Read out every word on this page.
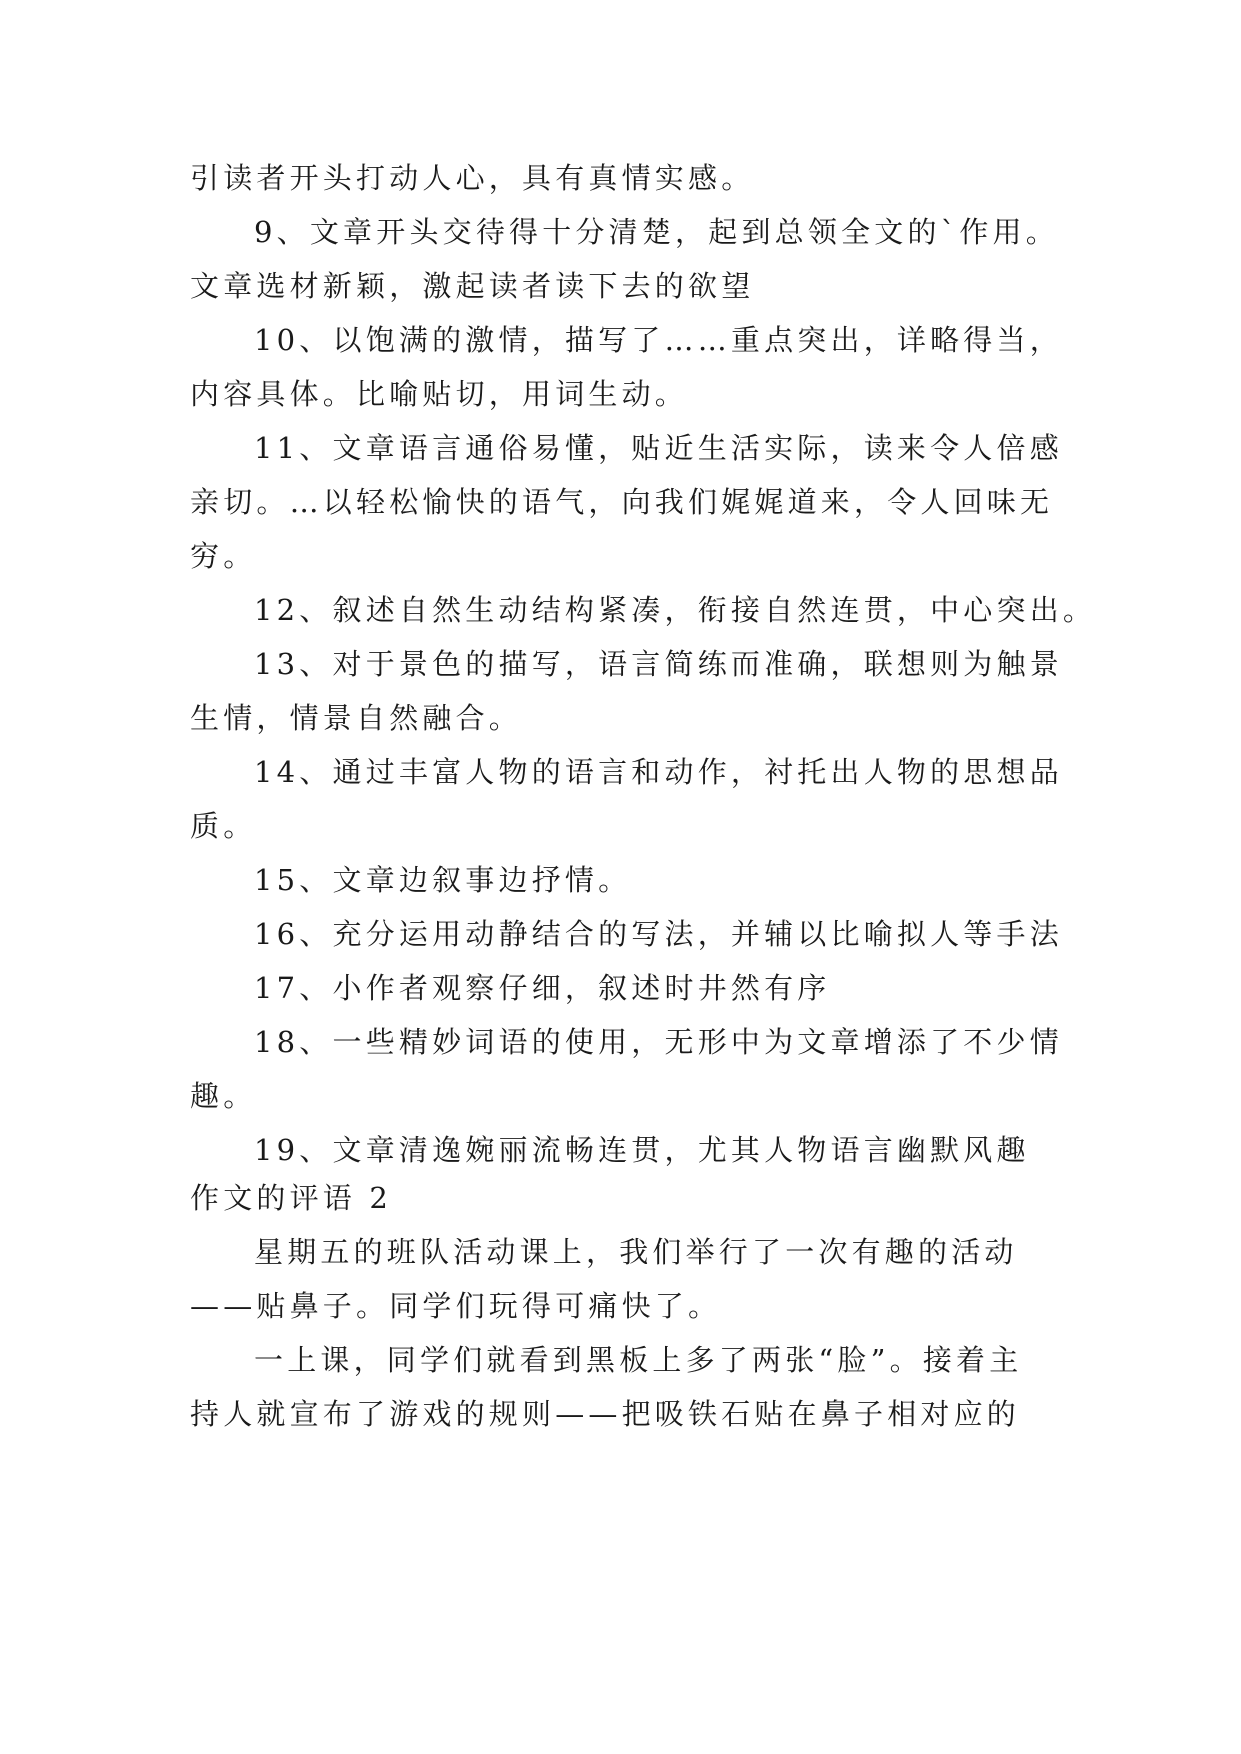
引读者开头打动人心，具有真情实感。
9、文章开头交待得十分清楚，起到总领全文的`作用。
文章选材新颖，激起读者读下去的欲望
10、以饱满的激情，描写了……重点突出，详略得当，
内容具体。比喻贴切，用词生动。
11、文章语言通俗易懂，贴近生活实际，读来令人倍感
亲切。…以轻松愉快的语气，向我们娓娓道来，令人回味无
穷。
12、叙述自然生动结构紧凑，衔接自然连贯，中心突出。
13、对于景色的描写，语言简练而准确，联想则为触景
生情，情景自然融合。
14、通过丰富人物的语言和动作，衬托出人物的思想品
质。
15、文章边叙事边抒情。
16、充分运用动静结合的写法，并辅以比喻拟人等手法
17、小作者观察仔细，叙述时井然有序
18、一些精妙词语的使用，无形中为文章增添了不少情
趣。
19、文章清逸婉丽流畅连贯，尤其人物语言幽默风趣
作文的评语 2
星期五的班队活动课上，我们举行了一次有趣的活动
——贴鼻子。同学们玩得可痛快了。
一上课，同学们就看到黑板上多了两张“脸”。接着主
持人就宣布了游戏的规则——把吸铁石贴在鼻子相对应的
